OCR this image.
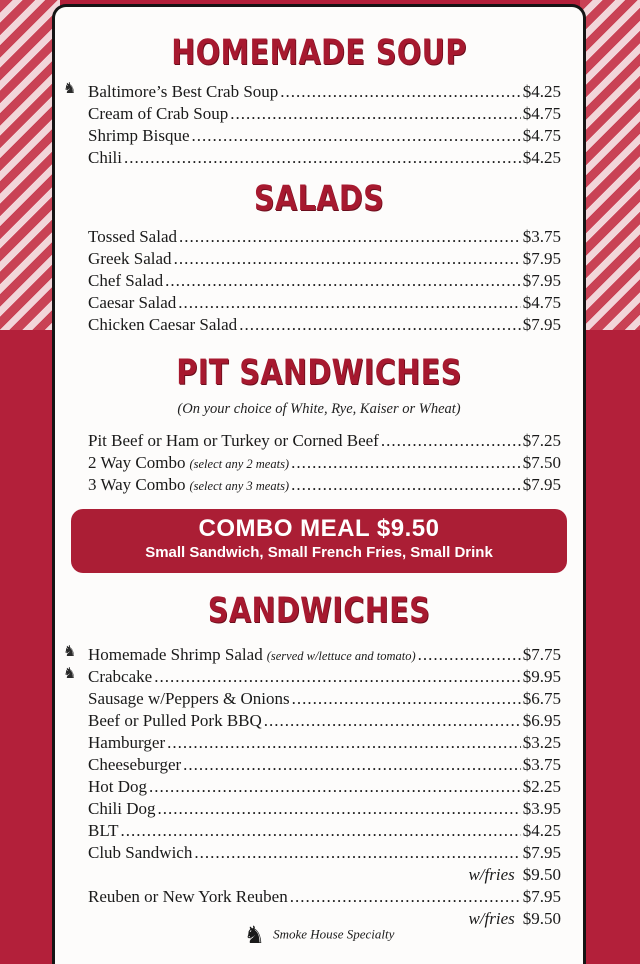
HOMEMADE SOUP
♞ Baltimore’s Best Crab Soup .....	$4.25
Cream of Crab Soup .....	$4.75
Shrimp Bisque .....	$4.75
Chili .....	$4.25
SALADS
Tossed Salad .....	$3.75
Greek Salad .....	$7.95
Chef Salad .....	$7.95
Caesar Salad .....	$4.75
Chicken Caesar Salad .....	$7.95
PIT SANDWICHES
(On your choice of White, Rye, Kaiser or Wheat)
Pit Beef or Ham or Turkey or Corned Beef .....	$7.25
2 Way Combo (select any 2 meats) .....	$7.50
3 Way Combo (select any 3 meats) .....	$7.95
COMBO MEAL $9.50
Small Sandwich, Small French Fries, Small Drink
SANDWICHES
♞ Homemade Shrimp Salad (served w/lettuce and tomato) .....	$7.75
♞ Crabcake .....	$9.95
Sausage w/Peppers & Onions .....	$6.75
Beef or Pulled Pork BBQ .....	$6.95
Hamburger .....	$3.25
Cheeseburger .....	$3.75
Hot Dog .....	$2.25
Chili Dog .....	$3.95
BLT .....	$4.25
Club Sandwich .....	$7.95
w/fries $9.50
Reuben or New York Reuben .....	$7.95
w/fries $9.50
♞ Smoke House Specialty
